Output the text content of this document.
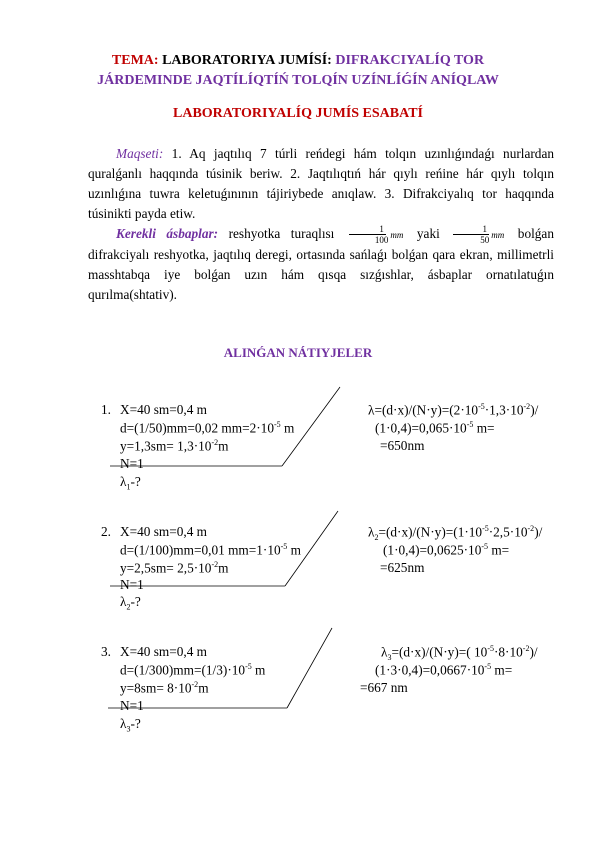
TEMA: LABORATORIYA JUMÍSÍ: DIFRAKCIYALÍQ TOR
JÁRDEMINDE JAQTÍLÍQTÍŃ TOLQÍN UZÍNLÍǴÍN ANÍQLAW
LABORATORIYALÍQ JUMÍS ESABATÍ
Maqseti: 1. Aq jaqtılıq 7 túrli reńdegi hám tolqın uzınlıǵındaǵı nurlardan quralǵanlı haqqında túsinik beriw. 2. Jaqtılıqtıń hár qıylı reńine hár qıylı tolqın uzınlıǵına tuwra keletuǵınının tájiriybede anıqlaw. 3. Difrakciyalıq tor haqqında túsinikti payda etiw.
Kerekli ásbaplar: reshyotka turaqlısı $\frac{1}{100}$ mm yaki $\frac{1}{50}$ mm bolǵan difrakciyalı reshyotka, jaqtılıq deregi, ortasında sańlaǵı bolǵan qara ekran, millimetrli masshtabqa iye bolǵan uzın hám qısqa sızǵıshlar, ásbaplar ornatılatuǵın qurılma(shtativ).
ALINǴAN NÁTIYJELER
1. X=40 sm=0,4 m
d=(1/50)mm=0,02 $mm=2\cdot 10^{-5}$ m
$y=1,3sm= 1,3\cdot 10^{-2}m$
N=1
$\lambda_1-$?
$\lambda=(d\cdot x)/(N\cdot y)=(2\cdot 10^{-5}\cdot 1,3\cdot 10^{-2})/$
$(1\cdot 0,4)=0,065\cdot 10^{-5}$ m=
=650nm
2. X=40 sm=0,4 m
d=(1/100)mm=0,01 $mm=1\cdot 10^{-5}$ m
$y=2,5sm= 2,5\cdot 10^{-2}m$
N=1
$\lambda_2-$?
$\lambda_2=(d\cdot x)/(N\cdot y)=(1\cdot 10^{-5}\cdot 2,5\cdot 10^{-2})/$
$(1\cdot 0,4)=0,0625\cdot 10^{-5}$ m=
=625nm
3. X=40 sm=0,4 m
$d=(1/300)mm=(1/3)\cdot 10^{-5}$ m
$y=8sm= 8\cdot 10^{-2}m$
N=1
$\lambda_3-$?
$\lambda_3=(d\cdot x)/(N\cdot y)=$( $10^{-5}\cdot 8\cdot 10^{-2})/$
$(1\cdot 3\cdot 0,4)=0,0667\cdot 10^{-5}$ m=
=667 nm
